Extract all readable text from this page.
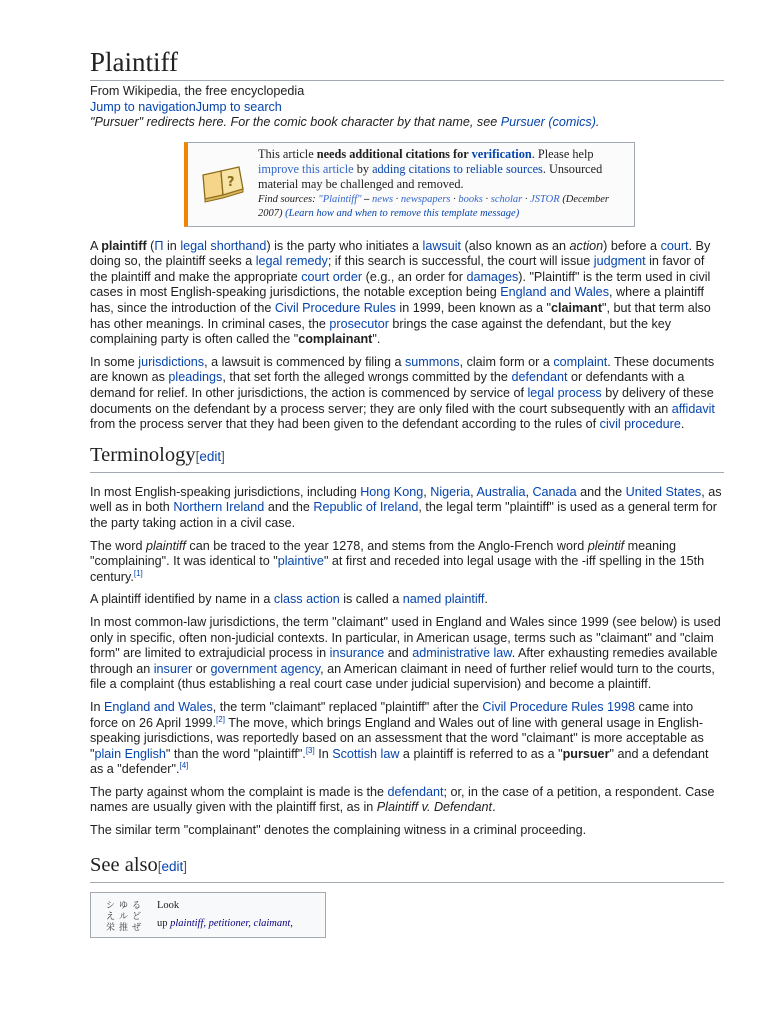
Plaintiff
From Wikipedia, the free encyclopedia
Jump to navigationJump to search
"Pursuer" redirects here. For the comic book character by that name, see Pursuer (comics).
?
This article needs additional citations for verification. Please help improve this article by adding citations to reliable sources. Unsourced material may be challenged and removed.
Find sources: "Plaintiff" – news · newspapers · books · scholar · JSTOR (December 2007) (Learn how and when to remove this template message)

A plaintiff (Π in legal shorthand) is the party who initiates a lawsuit (also known as an action) before a court. By doing so, the plaintiff seeks a legal remedy; if this search is successful, the court will issue judgment in favor of the plaintiff and make the appropriate court order (e.g., an order for damages). "Plaintiff" is the term used in civil cases in most English-speaking jurisdictions, the notable exception being England and Wales, where a plaintiff has, since the introduction of the Civil Procedure Rules in 1999, been known as a "claimant", but that term also has other meanings. In criminal cases, the prosecutor brings the case against the defendant, but the key complaining party is often called the "complainant".

In some jurisdictions, a lawsuit is commenced by filing a summons, claim form or a complaint. These documents are known as pleadings, that set forth the alleged wrongs committed by the defendant or defendants with a demand for relief. In other jurisdictions, the action is commenced by service of legal process by delivery of these documents on the defendant by a process server; they are only filed with the court subsequently with an affidavit from the process server that they had been given to the defendant according to the rules of civil procedure.

Terminology[edit]

In most English-speaking jurisdictions, including Hong Kong, Nigeria, Australia, Canada and the United States, as well as in both Northern Ireland and the Republic of Ireland, the legal term "plaintiff" is used as a general term for the party taking action in a civil case.

The word plaintiff can be traced to the year 1278, and stems from the Anglo-French word pleintif meaning "complaining". It was identical to "plaintive" at first and receded into legal usage with the -iff spelling in the 15th century.[1]

A plaintiff identified by name in a class action is called a named plaintiff.

In most common-law jurisdictions, the term "claimant" used in England and Wales since 1999 (see below) is used only in specific, often non-judicial contexts. In particular, in American usage, terms such as "claimant" and "claim form" are limited to extrajudicial process in insurance and administrative law. After exhausting remedies available through an insurer or government agency, an American claimant in need of further relief would turn to the courts, file a complaint (thus establishing a real court case under judicial supervision) and become a plaintiff.

In England and Wales, the term "claimant" replaced "plaintiff" after the Civil Procedure Rules 1998 came into force on 26 April 1999.[2] The move, which brings England and Wales out of line with general usage in English-speaking jurisdictions, was reportedly based on an assessment that the word "claimant" is more acceptable as "plain English" than the word "plaintiff".[3] In Scottish law a plaintiff is referred to as a "pursuer" and a defendant as a "defender".[4]

The party against whom the complaint is made is the defendant; or, in the case of a petition, a respondent. Case names are usually given with the plaintiff first, as in Plaintiff v. Defendant.

The similar term "complainant" denotes the complaining witness in a criminal proceeding.

See also[edit]
シ ゆ る
え ル ど
栄 推 ぜ
Look
up plaintiff, petitioner, claimant,
